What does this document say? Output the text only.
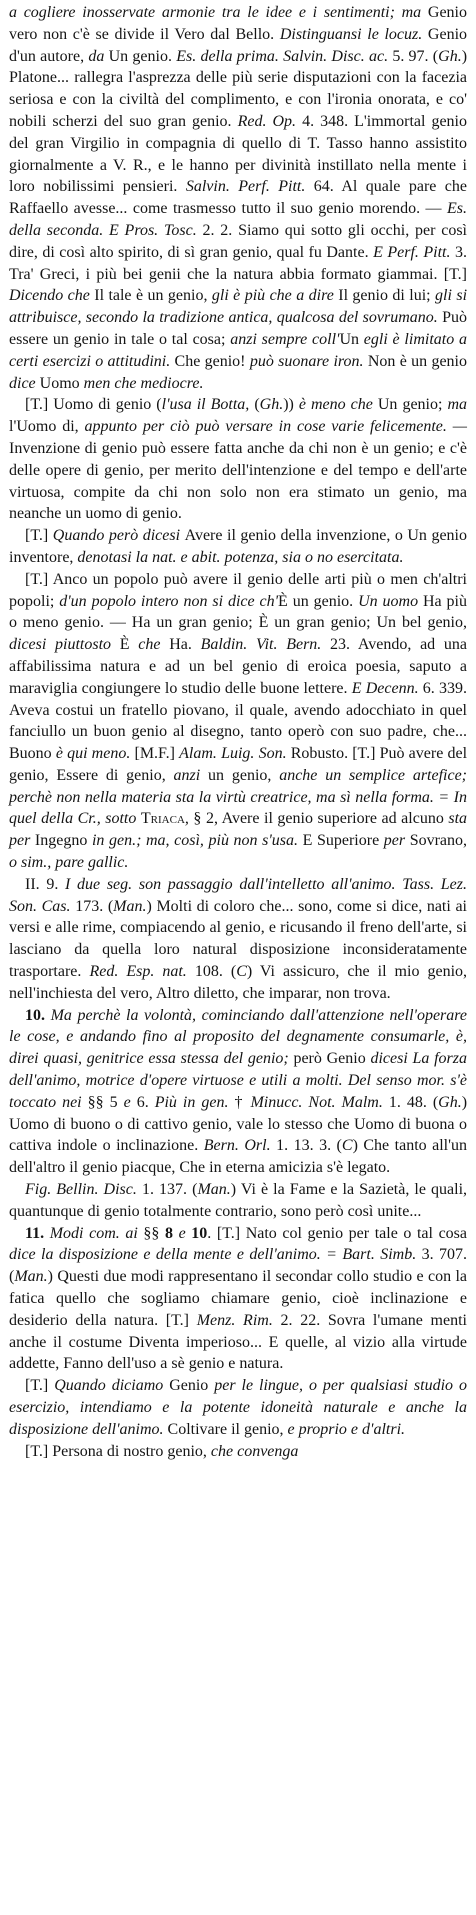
a cogliere inosservate armonie tra le idee e i sentimenti; ma Genio vero non c'è se divide il Vero dal Bello. Distinguansi le locuz. Genio d'un autore, da Un genio. Es. della prima. Salvin. Disc. ac. 5. 97. (Gh.) Platone... rallegra l'asprezza delle più serie disputazioni con la facezia seriosa e con la civiltà del complimento, e con l'ironia onorata, e co' nobili scherzi del suo gran genio. Red. Op. 4. 348. L'immortal genio del gran Virgilio in compagnia di quello di T. Tasso hanno assistito giornalmente a V. R., e le hanno per divinità instillato nella mente i loro nobilissimi pensieri. Salvin. Perf. Pitt. 64. Al quale pare che Raffaello avesse... come trasmesso tutto il suo genio morendo. — Es. della seconda. E Pros. Tosc. 2. 2. Siamo qui sotto gli occhi, per così dire, di così alto spirito, di sì gran genio, qual fu Dante. E Perf. Pitt. 3. Tra' Greci, i più bei genii che la natura abbia formato giammai. [T.] Dicendo che Il tale è un genio, gli è più che a dire Il genio di lui; gli si attribuisce, secondo la tradizione antica, qualcosa del sovrumano. Può essere un genio in tale o tal cosa; anzi sempre coll'Un egli è limitato a certi esercizi o attitudini. Che genio! può suonare iron. Non è un genio dice Uomo men che mediocre.

[T.] Uomo di genio (l'usa il Botta, (Gh.)) è meno che Un genio; ma l'Uomo di, appunto per ciò può versare in cose varie felicemente. — Invenzione di genio può essere fatta anche da chi non è un genio; e c'è delle opere di genio, per merito dell'intenzione e del tempo e dell'arte virtuosa, compite da chi non solo non era stimato un genio, ma neanche un uomo di genio.

[T.] Quando però dicesi Avere il genio della invenzione, o Un genio inventore, denotasi la nat. e abit. potenza, sia o no esercitata.

[T.] Anco un popolo può avere il genio delle arti più o men ch'altri popoli; d'un popolo intero non si dice ch'È un genio. Un uomo Ha più o meno genio. — Ha un gran genio; È un gran genio; Un bel genio, dicesi piuttosto È che Ha. Baldin. Vit. Bern. 23. Avendo, ad una affabilissima natura e ad un bel genio di eroica poesia, saputo a maraviglia congiungere lo studio delle buone lettere. E Decenn. 6. 339. Aveva costui un fratello piovano, il quale, avendo adocchiato in quel fanciullo un buon genio al disegno, tanto operò con suo padre, che... Buono è qui meno. [M.F.] Alam. Luig. Son. Robusto. [T.] Può avere del genio, Essere di genio, anzi un genio, anche un semplice artefice; perchè non nella materia sta la virtù creatrice, ma sì nella forma. = In quel della Cr., sotto Triaca, § 2, Avere il genio superiore ad alcuno sta per Ingegno in gen.; ma, così, più non s'usa. E Superiore per Sovrano, o sim., pare gallic.

II. 9. I due seg. son passaggio dall'intelletto all'animo. Tass. Lez. Son. Cas. 173. (Man.) Molti di coloro che... sono, come si dice, nati ai versi e alle rime, compiacendo al genio, e ricusando il freno dell'arte, si lasciano da quella loro natural disposizione inconsideratamente trasportare. Red. Esp. nat. 108. (C) Vi assicuro, che il mio genio, nell'inchiesta del vero, Altro diletto, che imparar, non trova.

10. Ma perchè la volontà, cominciando dall'attenzione nell'operare le cose, e andando fino al proposito del degnamente consumarle, è, direi quasi, genitrice essa stessa del genio; però Genio dicesi La forza dell'animo, motrice d'opere virtuose e utili a molti. Del senso mor. s'è toccato nei §§ 5 e 6. Più in gen. † Minucc. Not. Malm. 1. 48. (Gh.) Uomo di buono o di cattivo genio, vale lo stesso che Uomo di buona o cattiva indole o inclinazione. Bern. Orl. 1. 13. 3. (C) Che tanto all'un dell'altro il genio piacque, Che in eterna amicizia s'è legato.

Fig. Bellin. Disc. 1. 137. (Man.) Vi è la Fame e la Sazietà, le quali, quantunque di genio totalmente contrario, sono però così unite...

11. Modi com. ai §§ 8 e 10. [T.] Nato col genio per tale o tal cosa dice la disposizione e della mente e dell'animo. = Bart. Simb. 3. 707. (Man.) Questi due modi rappresentano il secondar collo studio e con la fatica quello che sogliamo chiamare genio, cioè inclinazione e desiderio della natura. [T.] Menz. Rim. 2. 22. Sovra l'umane menti anche il costume Diventa imperioso... E quelle, al vizio alla virtude addette, Fanno dell'uso a sè genio e natura.

[T.] Quando diciamo Genio per le lingue, o per qualsiasi studio o esercizio, intendiamo e la potente idoneità naturale e anche la disposizione dell'animo. Coltivare il genio, e proprio e d'altri.

[T.] Persona di nostro genio, che convenga
